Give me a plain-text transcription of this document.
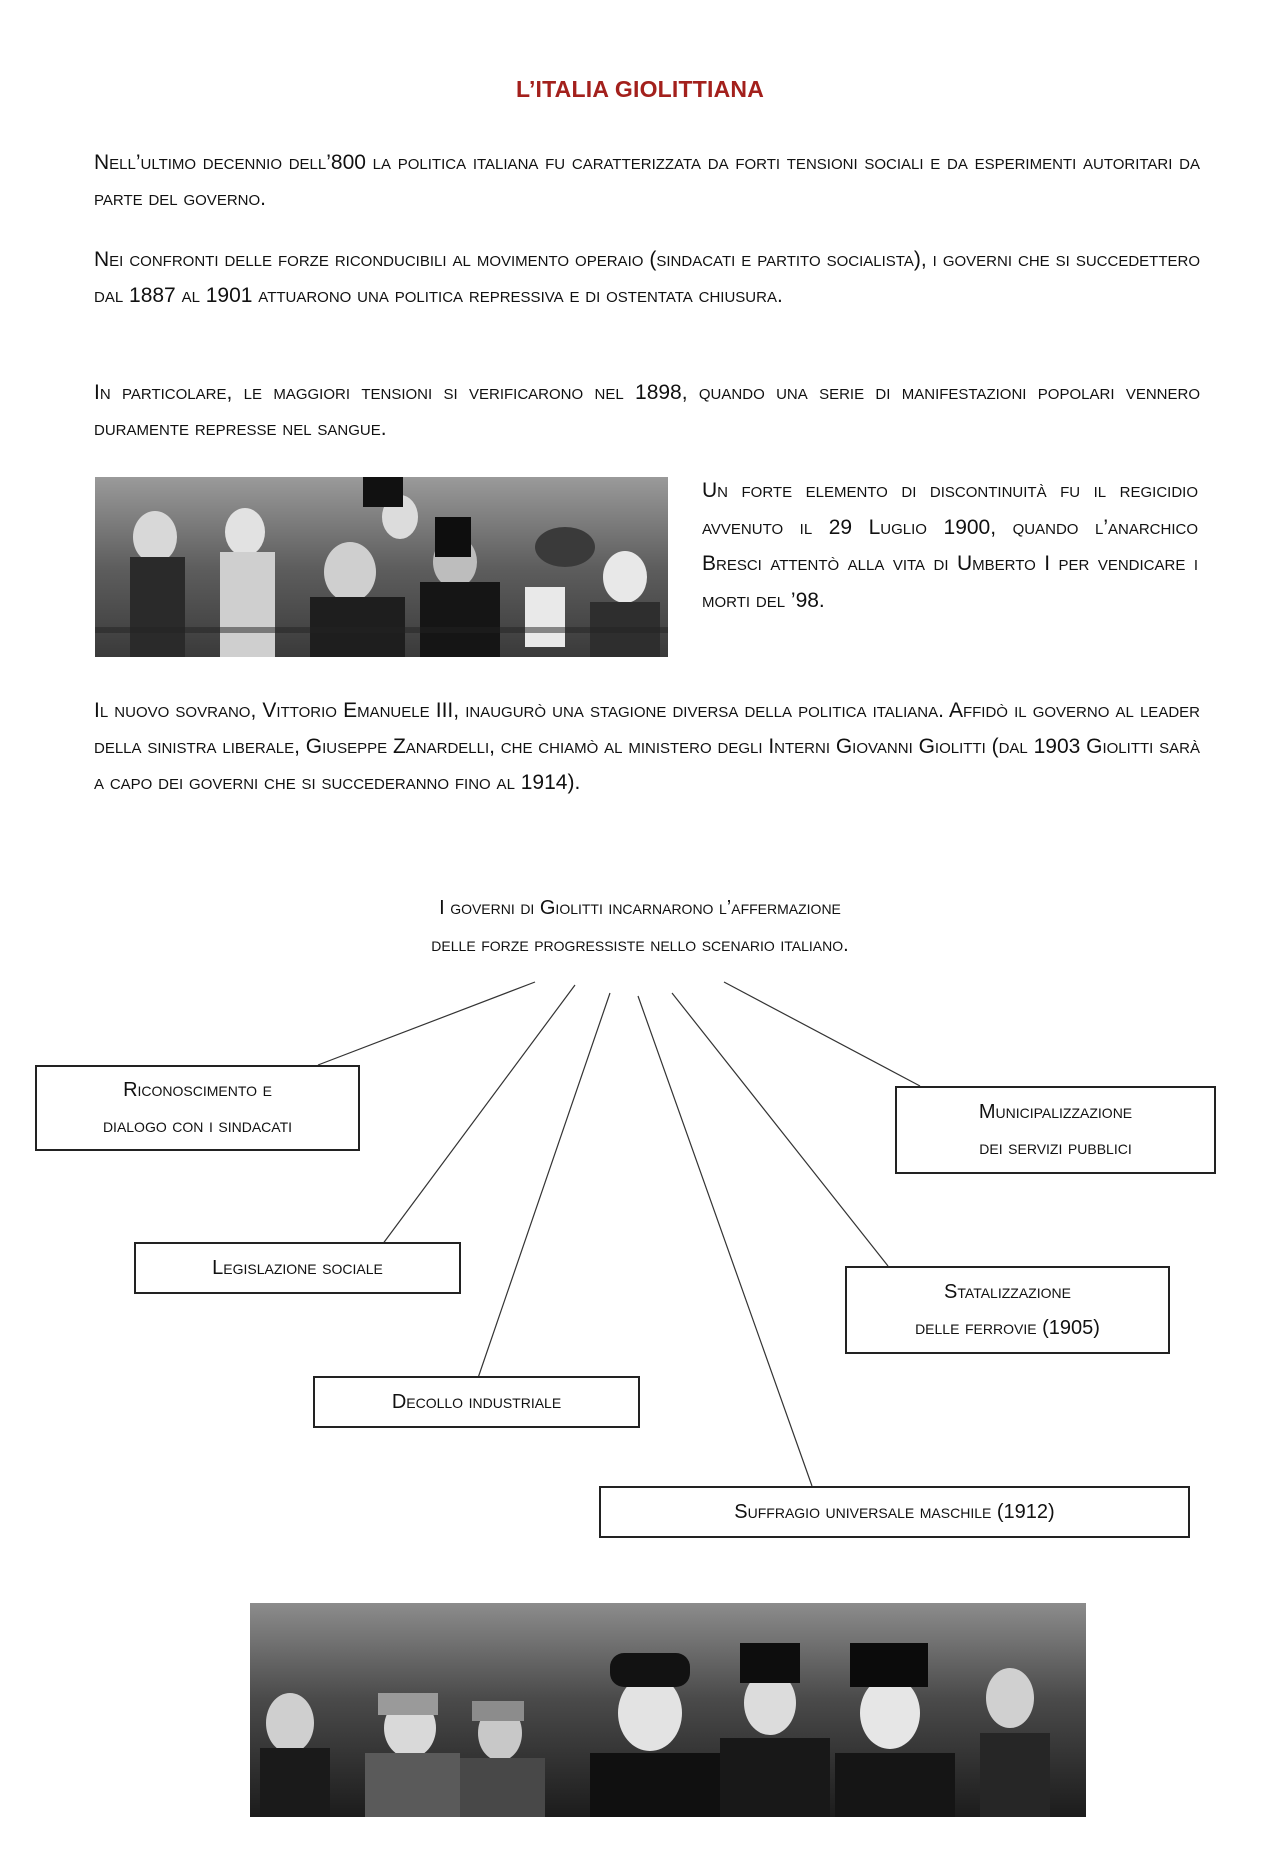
L’ITALIA GIOLITTIANA

Nell’ultimo decennio dell’800 la politica italiana fu caratterizzata da forti tensioni sociali e da esperimenti autoritari da parte del governo.

Nei confronti delle forze riconducibili al movimento operaio (sindacati e partito socialista), i governi che si succedettero dal 1887 al 1901 attuarono una politica repressiva e di ostentata chiusura.

In particolare, le maggiori tensioni si verificarono nel 1898, quando una serie di manifestazioni popolari vennero duramente represse nel sangue.

Un forte elemento di discontinuità fu il regicidio avvenuto il 29 Luglio 1900, quando l’anarchico Bresci attentò alla vita di Umberto I per vendicare i morti del ’98.

Il nuovo sovrano, Vittorio Emanuele III, inaugurò una stagione diversa della politica italiana. Affidò il governo al leader della sinistra liberale, Giuseppe Zanardelli, che chiamò al ministero degli Interni Giovanni Giolitti (dal 1903 Giolitti sarà a capo dei governi che si succederanno fino al 1914).

I governi di Giolitti incarnarono l’affermazione
delle forze progressiste nello scenario italiano.
Riconoscimento e
dialogo con i sindacati
Municipalizzazione
dei servizi pubblici
Legislazione sociale
Statalizzazione
delle ferrovie (1905)
Decollo industriale
Suffragio universale maschile (1912)
